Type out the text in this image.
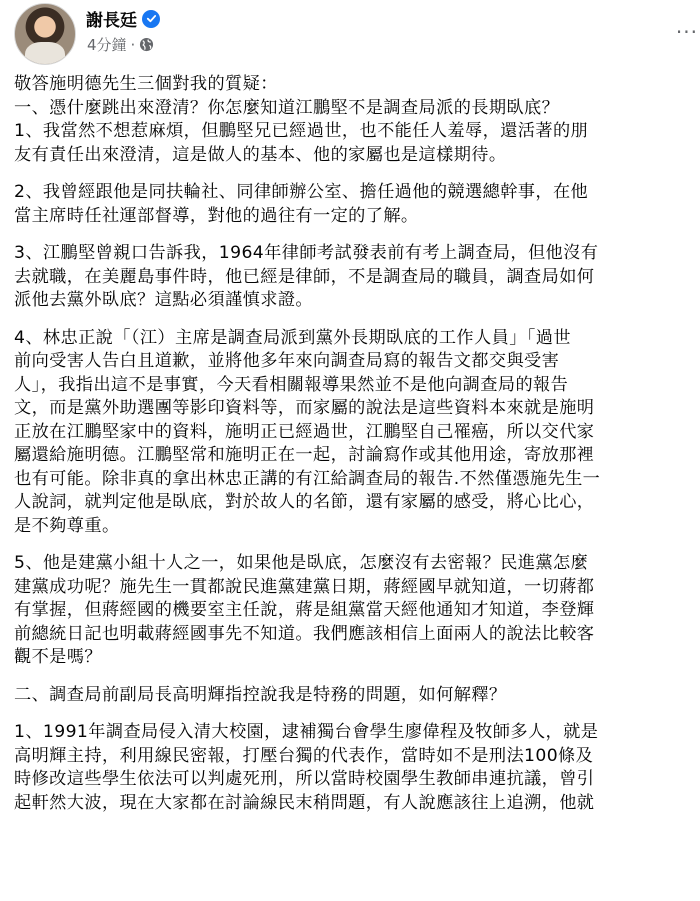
謝長廷
4分鐘 ·
···
敬答施明德先生三個對我的質疑：
一、憑什麼跳出來澄清？你怎麼知道江鵬堅不是調查局派的長期臥底？
1、我當然不想惹麻煩，但鵬堅兄已經過世，也不能任人羞辱，還活著的朋
友有責任出來澄清，這是做人的基本、他的家屬也是這樣期待。
2、我曾經跟他是同扶輪社、同律師辦公室、擔任過他的競選總幹事，在他
當主席時任社運部督導，對他的過往有一定的了解。
3、江鵬堅曾親口告訴我，1964年律師考試發表前有考上調查局，但他沒有
去就職，在美麗島事件時，他已經是律師，不是調查局的職員，調查局如何
派他去黨外臥底？這點必須謹慎求證。
4、林忠正說「（江）主席是調查局派到黨外長期臥底的工作人員」「過世
前向受害人告白且道歉，並將他多年來向調查局寫的報告文都交與受害
人」，我指出這不是事實，今天看相關報導果然並不是他向調查局的報告
文，而是黨外助選團等影印資料等，而家屬的說法是這些資料本來就是施明
正放在江鵬堅家中的資料，施明正已經過世，江鵬堅自己罹癌，所以交代家
屬還給施明德。江鵬堅常和施明正在一起，討論寫作或其他用途，寄放那裡
也有可能。除非真的拿出林忠正講的有江給調查局的報告.不然僅憑施先生一
人說詞，就判定他是臥底，對於故人的名節，還有家屬的感受，將心比心，
是不夠尊重。
5、他是建黨小組十人之一，如果他是臥底，怎麼沒有去密報？民進黨怎麼
建黨成功呢？施先生一貫都說民進黨建黨日期，蔣經國早就知道，一切蔣都
有掌握，但蔣經國的機要室主任說，蔣是組黨當天經他通知才知道，李登輝
前總統日記也明載蔣經國事先不知道。我們應該相信上面兩人的說法比較客
觀不是嗎？
二、調查局前副局長高明輝指控說我是特務的問題，如何解釋？
1、1991年調查局侵入清大校園，逮補獨台會學生廖偉程及牧師多人，就是
高明輝主持，利用線民密報，打壓台獨的代表作，當時如不是刑法100條及
時修改這些學生依法可以判處死刑，所以當時校園學生教師串連抗議，曾引
起軒然大波，現在大家都在討論線民末稍問題，有人說應該往上追溯，他就
